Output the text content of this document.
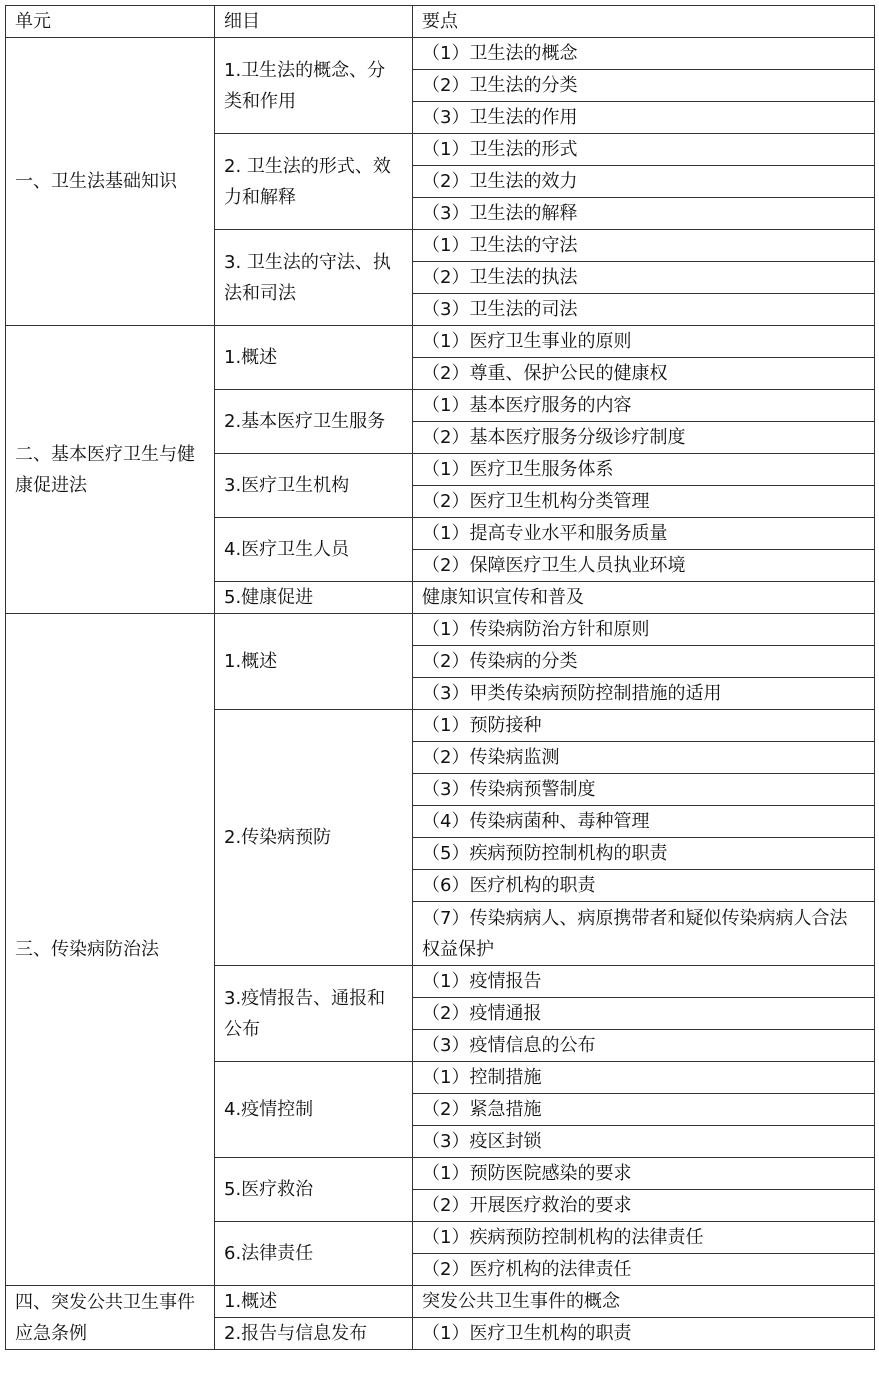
单元	细目	要点
一、卫生法基础知识	1.卫生法的概念、分类和作用	（1）卫生法的概念
		（2）卫生法的分类
		（3）卫生法的作用
	2. 卫生法的形式、效力和解释	（1）卫生法的形式
		（2）卫生法的效力
		（3）卫生法的解释
	3. 卫生法的守法、执法和司法	（1）卫生法的守法
		（2）卫生法的执法
		（3）卫生法的司法
二、基本医疗卫生与健康促进法	1.概述	（1）医疗卫生事业的原则
		（2）尊重、保护公民的健康权
	2.基本医疗卫生服务	（1）基本医疗服务的内容
		（2）基本医疗服务分级诊疗制度
	3.医疗卫生机构	（1）医疗卫生服务体系
		（2）医疗卫生机构分类管理
	4.医疗卫生人员	（1）提高专业水平和服务质量
		（2）保障医疗卫生人员执业环境
	5.健康促进	健康知识宣传和普及
三、传染病防治法	1.概述	（1）传染病防治方针和原则
		（2）传染病的分类
		（3）甲类传染病预防控制措施的适用
	2.传染病预防	（1）预防接种
		（2）传染病监测
		（3）传染病预警制度
		（4）传染病菌种、毒种管理
		（5）疾病预防控制机构的职责
		（6）医疗机构的职责
		（7）传染病病人、病原携带者和疑似传染病病人合法权益保护
	3.疫情报告、通报和公布	（1）疫情报告
		（2）疫情通报
		（3）疫情信息的公布
	4.疫情控制	（1）控制措施
		（2）紧急措施
		（3）疫区封锁
	5.医疗救治	（1）预防医院感染的要求
		（2）开展医疗救治的要求
	6.法律责任	（1）疾病预防控制机构的法律责任
		（2）医疗机构的法律责任
四、突发公共卫生事件应急条例	1.概述	突发公共卫生事件的概念
	2.报告与信息发布	（1）医疗卫生机构的职责
